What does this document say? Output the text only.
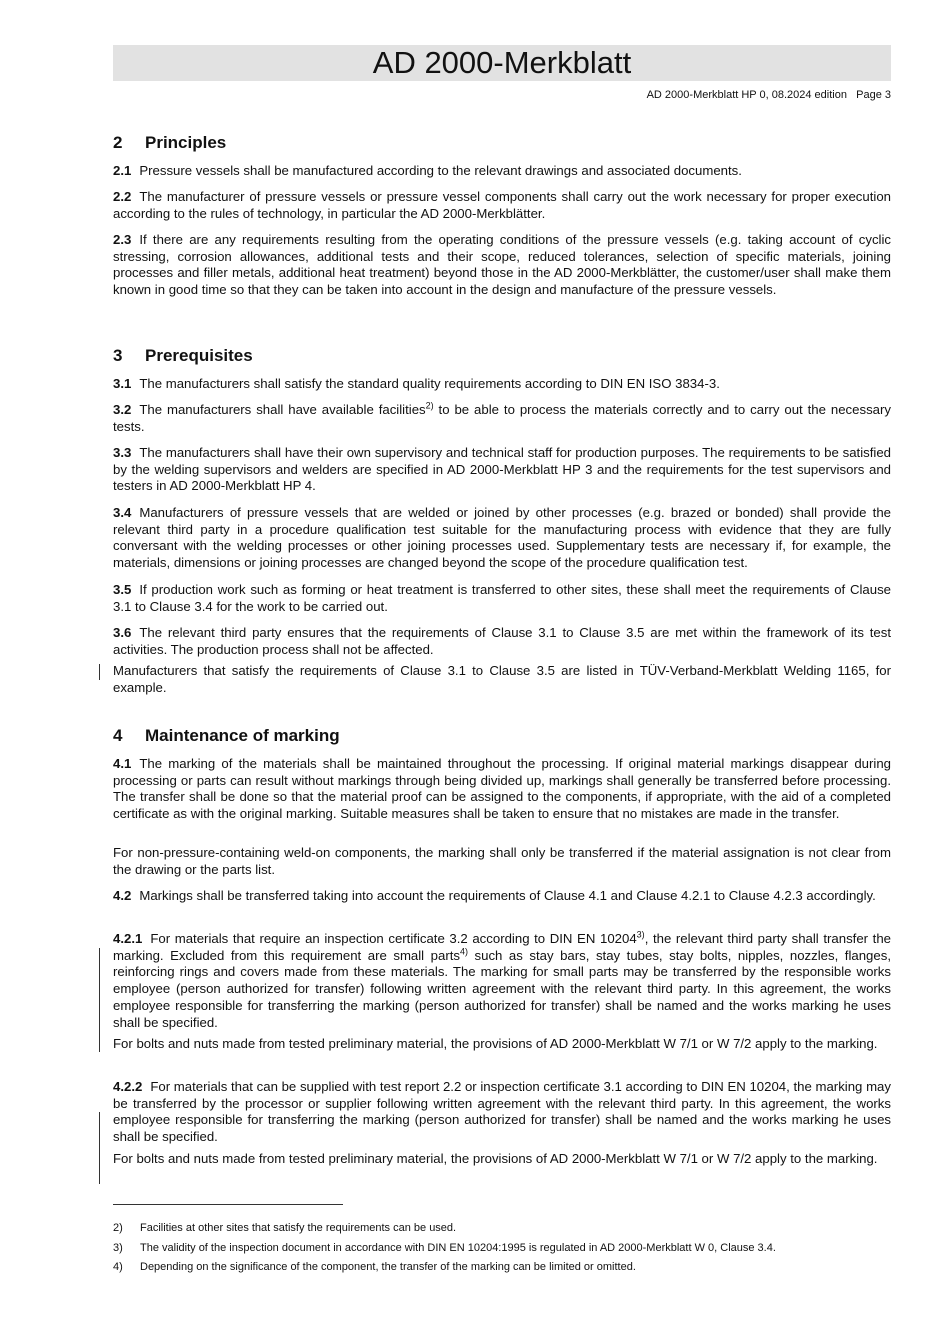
AD 2000-Merkblatt
AD 2000-Merkblatt HP 0, 08.2024 edition   Page 3
2 Principles

2.1 Pressure vessels shall be manufactured according to the relevant drawings and associated documents.

2.2 The manufacturer of pressure vessels or pressure vessel components shall carry out the work necessary for proper execution according to the rules of technology, in particular the AD 2000-Merkblätter.

2.3 If there are any requirements resulting from the operating conditions of the pressure vessels (e.g. taking account of cyclic stressing, corrosion allowances, additional tests and their scope, reduced tolerances, selection of specific materials, joining processes and filler metals, additional heat treatment) beyond those in the AD 2000-Merkblätter, the customer/user shall make them known in good time so that they can be taken into account in the design and manufacture of the pressure vessels.

3 Prerequisites

3.1 The manufacturers shall satisfy the standard quality requirements according to DIN EN ISO 3834-3.

3.2 The manufacturers shall have available facilities$^{2)}$ to be able to process the materials correctly and to carry out the necessary tests.

3.3 The manufacturers shall have their own supervisory and technical staff for production purposes. The requirements to be satisfied by the welding supervisors and welders are specified in AD 2000-Merkblatt HP 3 and the requirements for the test supervisors and testers in AD 2000-Merkblatt HP 4.

3.4 Manufacturers of pressure vessels that are welded or joined by other processes (e.g. brazed or bonded) shall provide the relevant third party in a procedure qualification test suitable for the manufacturing process with evidence that they are fully conversant with the welding processes or other joining processes used. Supplementary tests are necessary if, for example, the materials, dimensions or joining processes are changed beyond the scope of the procedure qualification test.

3.5 If production work such as forming or heat treatment is transferred to other sites, these shall meet the requirements of Clause 3.1 to Clause 3.4 for the work to be carried out.

3.6 The relevant third party ensures that the requirements of Clause 3.1 to Clause 3.5 are met within the framework of its test activities. The production process shall not be affected.

Manufacturers that satisfy the requirements of Clause 3.1 to Clause 3.5 are listed in TÜV-Verband-Merkblatt Welding 1165, for example.

4 Maintenance of marking

4.1 The marking of the materials shall be maintained throughout the processing. If original material markings disappear during processing or parts can result without markings through being divided up, markings shall generally be transferred before processing. The transfer shall be done so that the material proof can be assigned to the components, if appropriate, with the aid of a completed certificate as with the original marking. Suitable measures shall be taken to ensure that no mistakes are made in the transfer.

For non-pressure-containing weld-on components, the marking shall only be transferred if the material assignation is not clear from the drawing or the parts list.

4.2 Markings shall be transferred taking into account the requirements of Clause 4.1 and Clause 4.2.1 to Clause 4.2.3 accordingly.

4.2.1 For materials that require an inspection certificate 3.2 according to DIN EN 10204$^{3)}$, the relevant third party shall transfer the marking. Excluded from this requirement are small parts$^{4)}$ such as stay bars, stay tubes, stay bolts, nipples, nozzles, flanges, reinforcing rings and covers made from these materials. The marking for small parts may be transferred by the responsible works employee (person authorized for transfer) following written agreement with the relevant third party. In this agreement, the works employee responsible for transferring the marking (person authorized for transfer) shall be named and the works marking he uses shall be specified.

For bolts and nuts made from tested preliminary material, the provisions of AD 2000-Merkblatt W 7/1 or W 7/2 apply to the marking.

4.2.2 For materials that can be supplied with test report 2.2 or inspection certificate 3.1 according to DIN EN 10204, the marking may be transferred by the processor or supplier following written agreement with the relevant third party. In this agreement, the works employee responsible for transferring the marking (person authorized for transfer) shall be named and the works marking he uses shall be specified.

For bolts and nuts made from tested preliminary material, the provisions of AD 2000-Merkblatt W 7/1 or W 7/2 apply to the marking.

2) Facilities at other sites that satisfy the requirements can be used.
3) The validity of the inspection document in accordance with DIN EN 10204:1995 is regulated in AD 2000-Merkblatt W 0, Clause 3.4.
4) Depending on the significance of the component, the transfer of the marking can be limited or omitted.
